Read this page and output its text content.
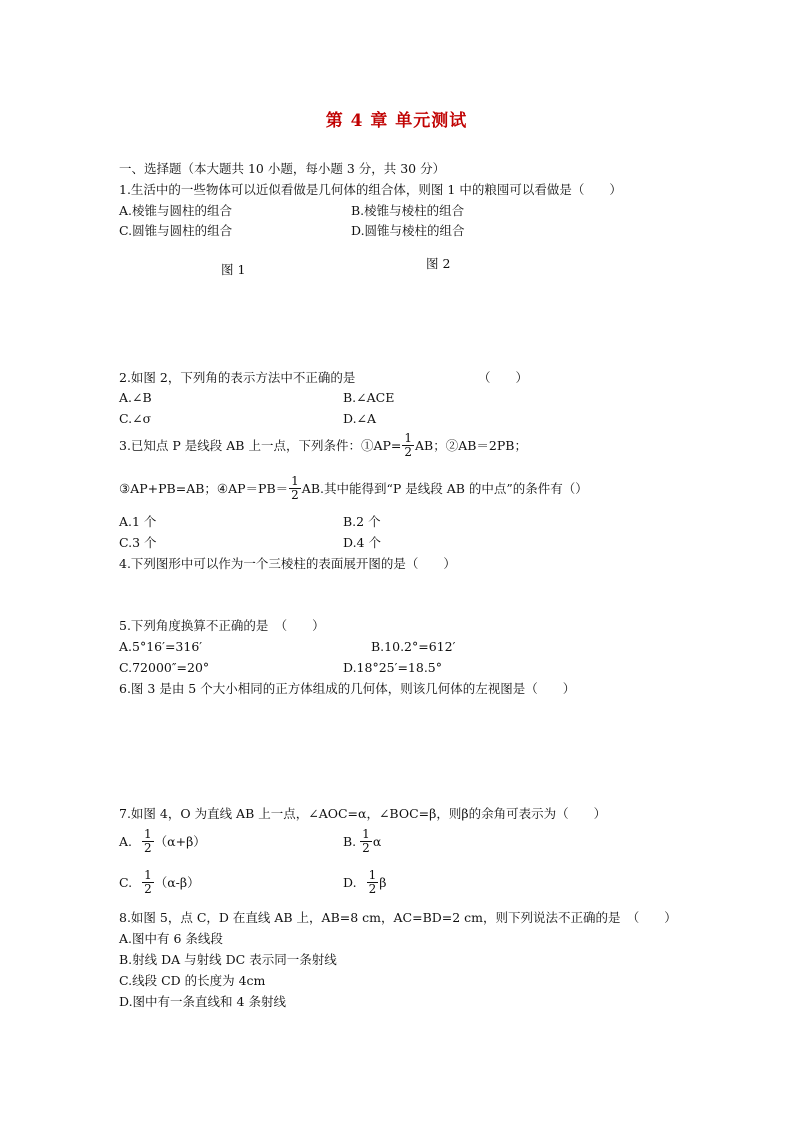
第 4 章 单元测试
一、选择题（本大题共 10 小题，每小题 3 分，共 30 分）
1.生活中的一些物体可以近似看做是几何体的组合体，则图 1 中的粮囤可以看做是（　　）
A.棱锥与圆柱的组合	B.棱锥与棱柱的组合
C.圆锥与圆柱的组合	D.圆锥与棱柱的组合
图 1	图 2
2.如图 2，下列角的表示方法中不正确的是	（　　）
A.∠B	B.∠ACE
C.∠σ	D.∠A
3.已知点 P 是线段 AB 上一点，下列条件：①AP= $\frac{1}{2}$ AB；②AB＝2PB；
③AP+PB=AB；④AP＝PB＝ $\frac{1}{2}$ AB.其中能得到“P 是线段 AB 的中点”的条件有（）
A.1 个	B.2 个
C.3 个	D.4 个
4.下列图形中可以作为一个三棱柱的表面展开图的是（　　）
5.下列角度换算不正确的是　（　　）
A.5°16′=316′	B.10.2°=612′
C.72000″=20°	D.18°25′=18.5°
6.图 3 是由 5 个大小相同的正方体组成的几何体，则该几何体的左视图是（　　）
7.如图 4，O 为直线 AB 上一点，∠AOC=α，∠BOC=β，则β的余角可表示为（　　）
A. $\frac{1}{2} (\alpha+\beta)$	B. $\frac{1}{2}$ α
C. $\frac{1}{2} (\alpha-\beta)$	D. $\frac{1}{2}$ β
8.如图 5，点 C，D 在直线 AB 上，AB=8 cm，AC=BD=2 cm，则下列说法不正确的是　（　　）
A.图中有 6 条线段
B.射线 DA 与射线 DC 表示同一条射线
C.线段 CD 的长度为 4cm
D.图中有一条直线和 4 条射线
